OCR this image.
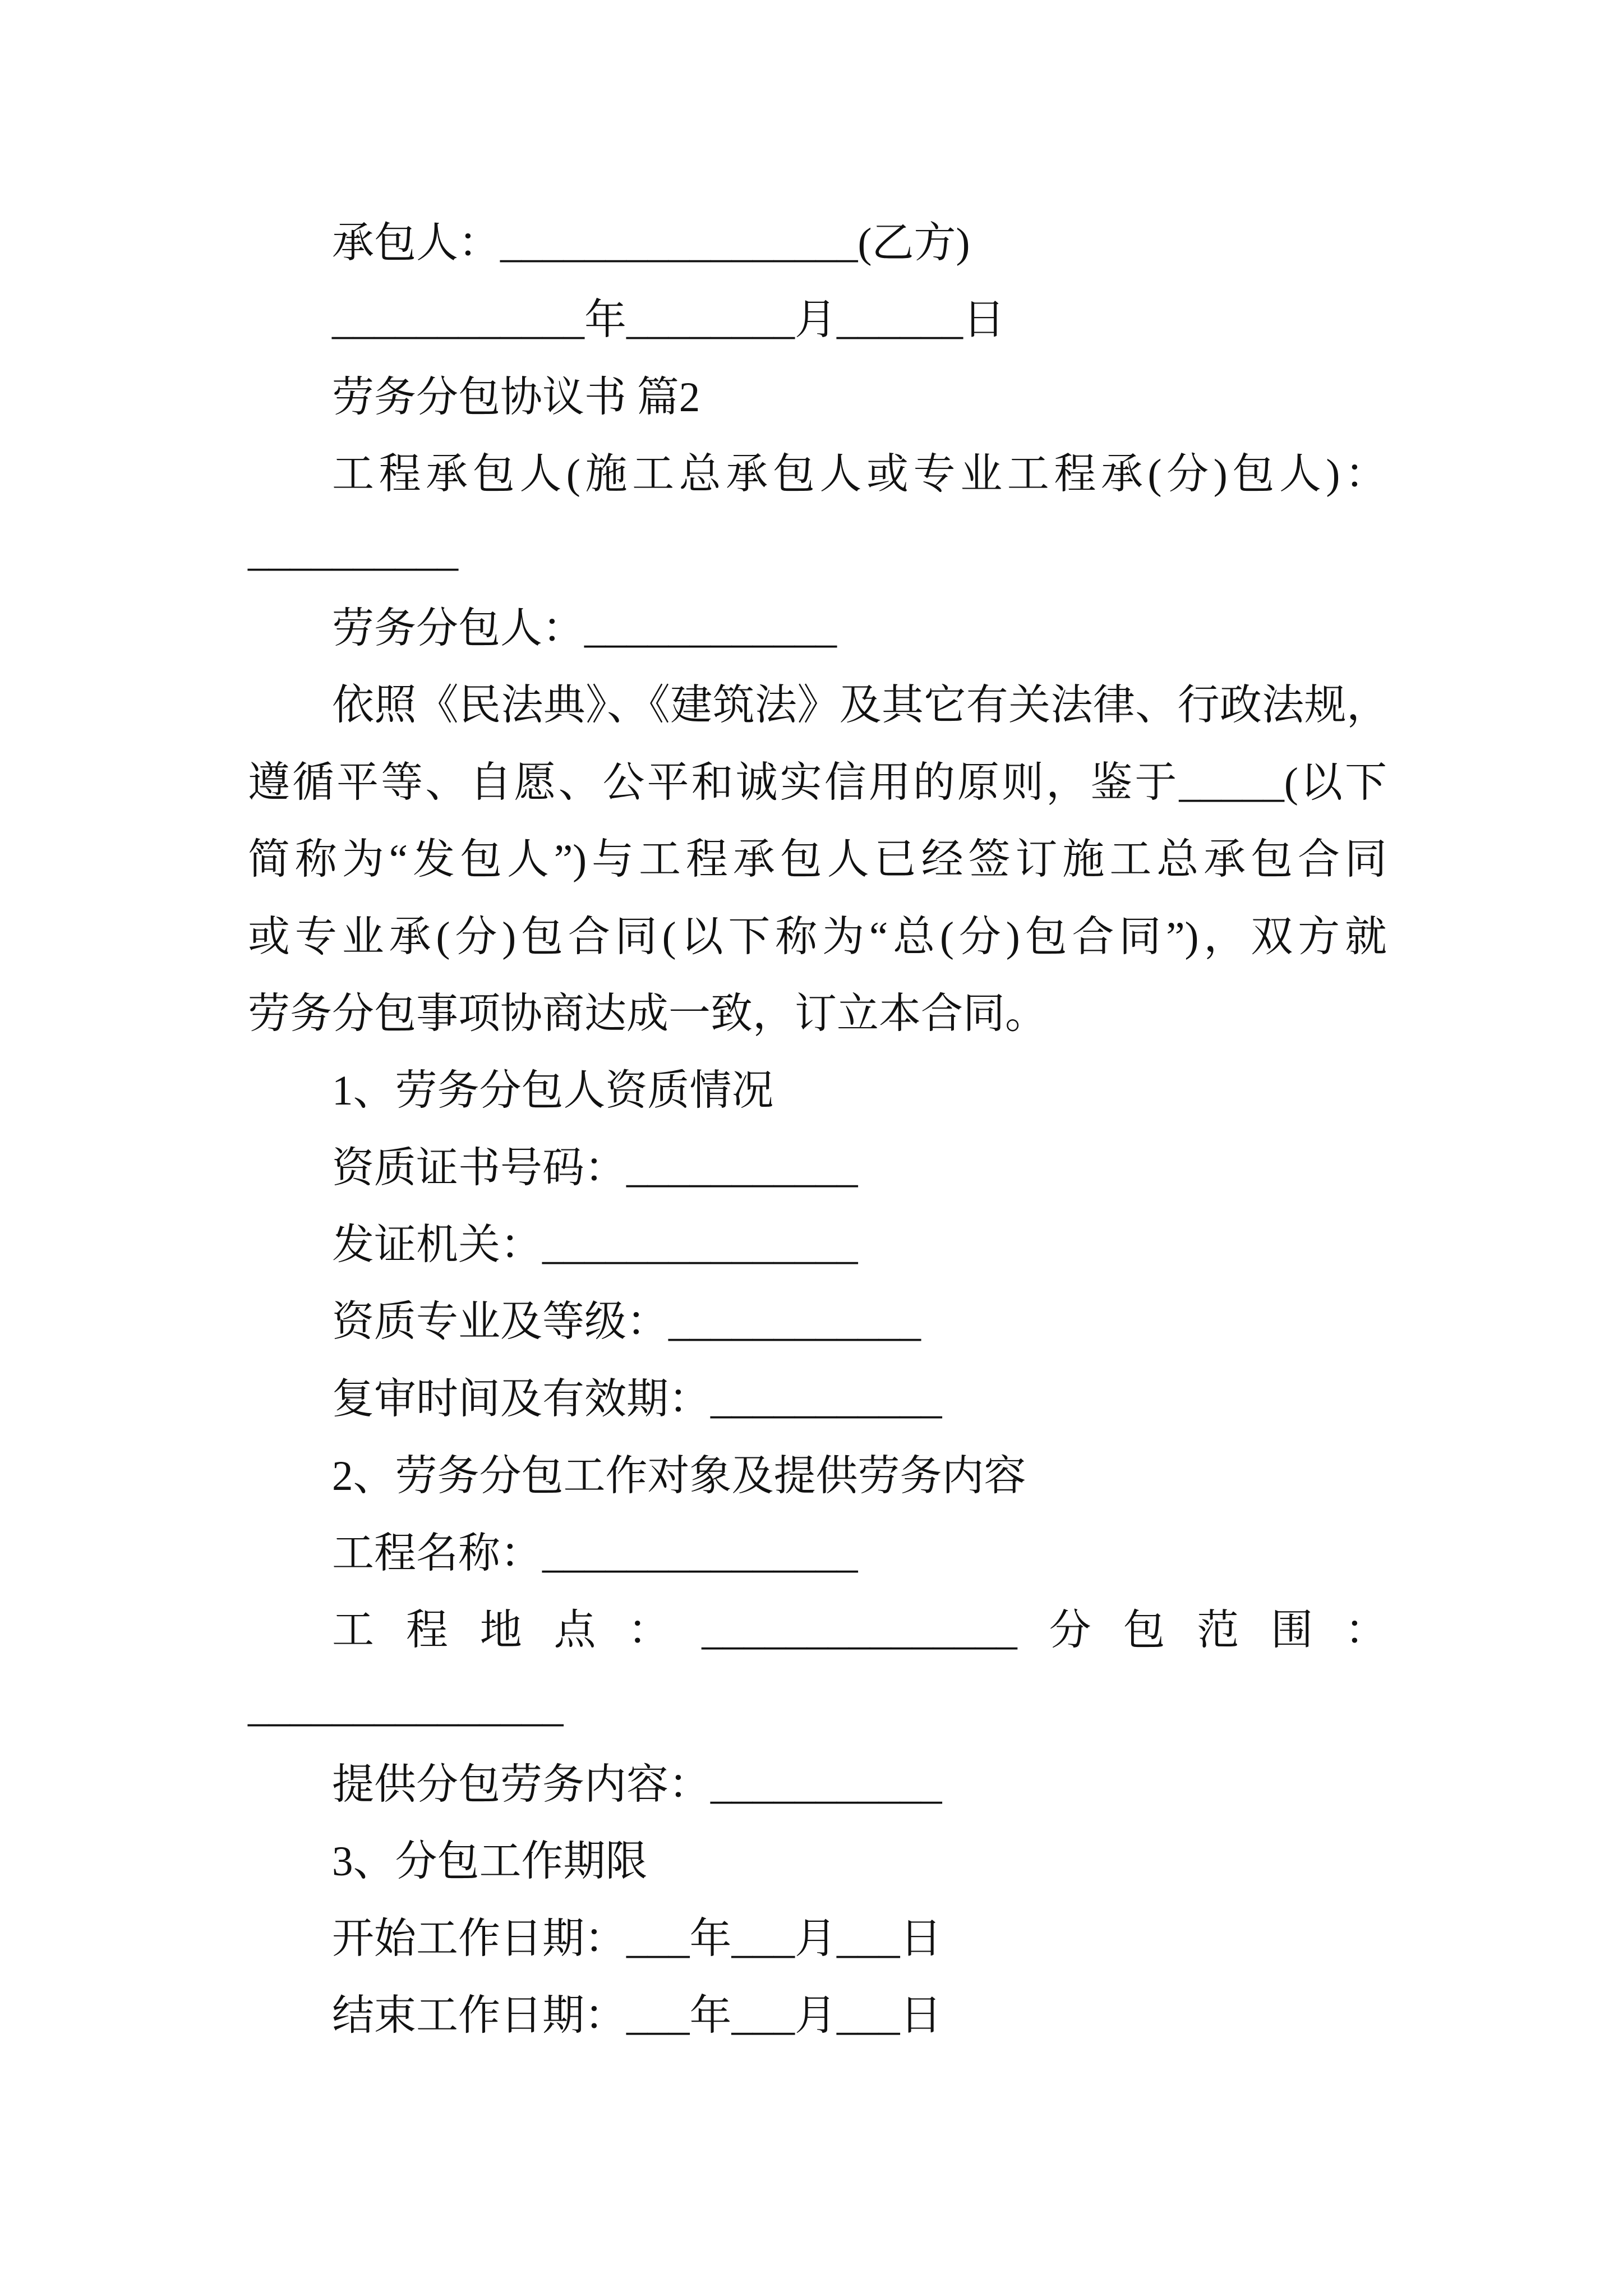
承包人：_________________(乙方)
____________年________月______日
劳务分包协议书 篇2
工程承包人(施工总承包人或专业工程承(分)包人)：
__________
劳务分包人：____________
依照《民法典》、《建筑法》及其它有关法律、行政法规，
遵循平等、自愿、公平和诚实信用的原则，鉴于_____(以下
简称为“发包人”)与工程承包人已经签订施工总承包合同
或专业承(分)包合同(以下称为“总(分)包合同”)，双方就
劳务分包事项协商达成一致，订立本合同。
1、劳务分包人资质情况
资质证书号码：___________
发证机关：_______________
资质专业及等级：____________
复审时间及有效期：___________
2、劳务分包工作对象及提供劳务内容
工程名称：_______________
工程地点：_______________分包范围：
_______________
提供分包劳务内容：___________
3、分包工作期限
开始工作日期：___年___月___日
结束工作日期：___年___月___日
